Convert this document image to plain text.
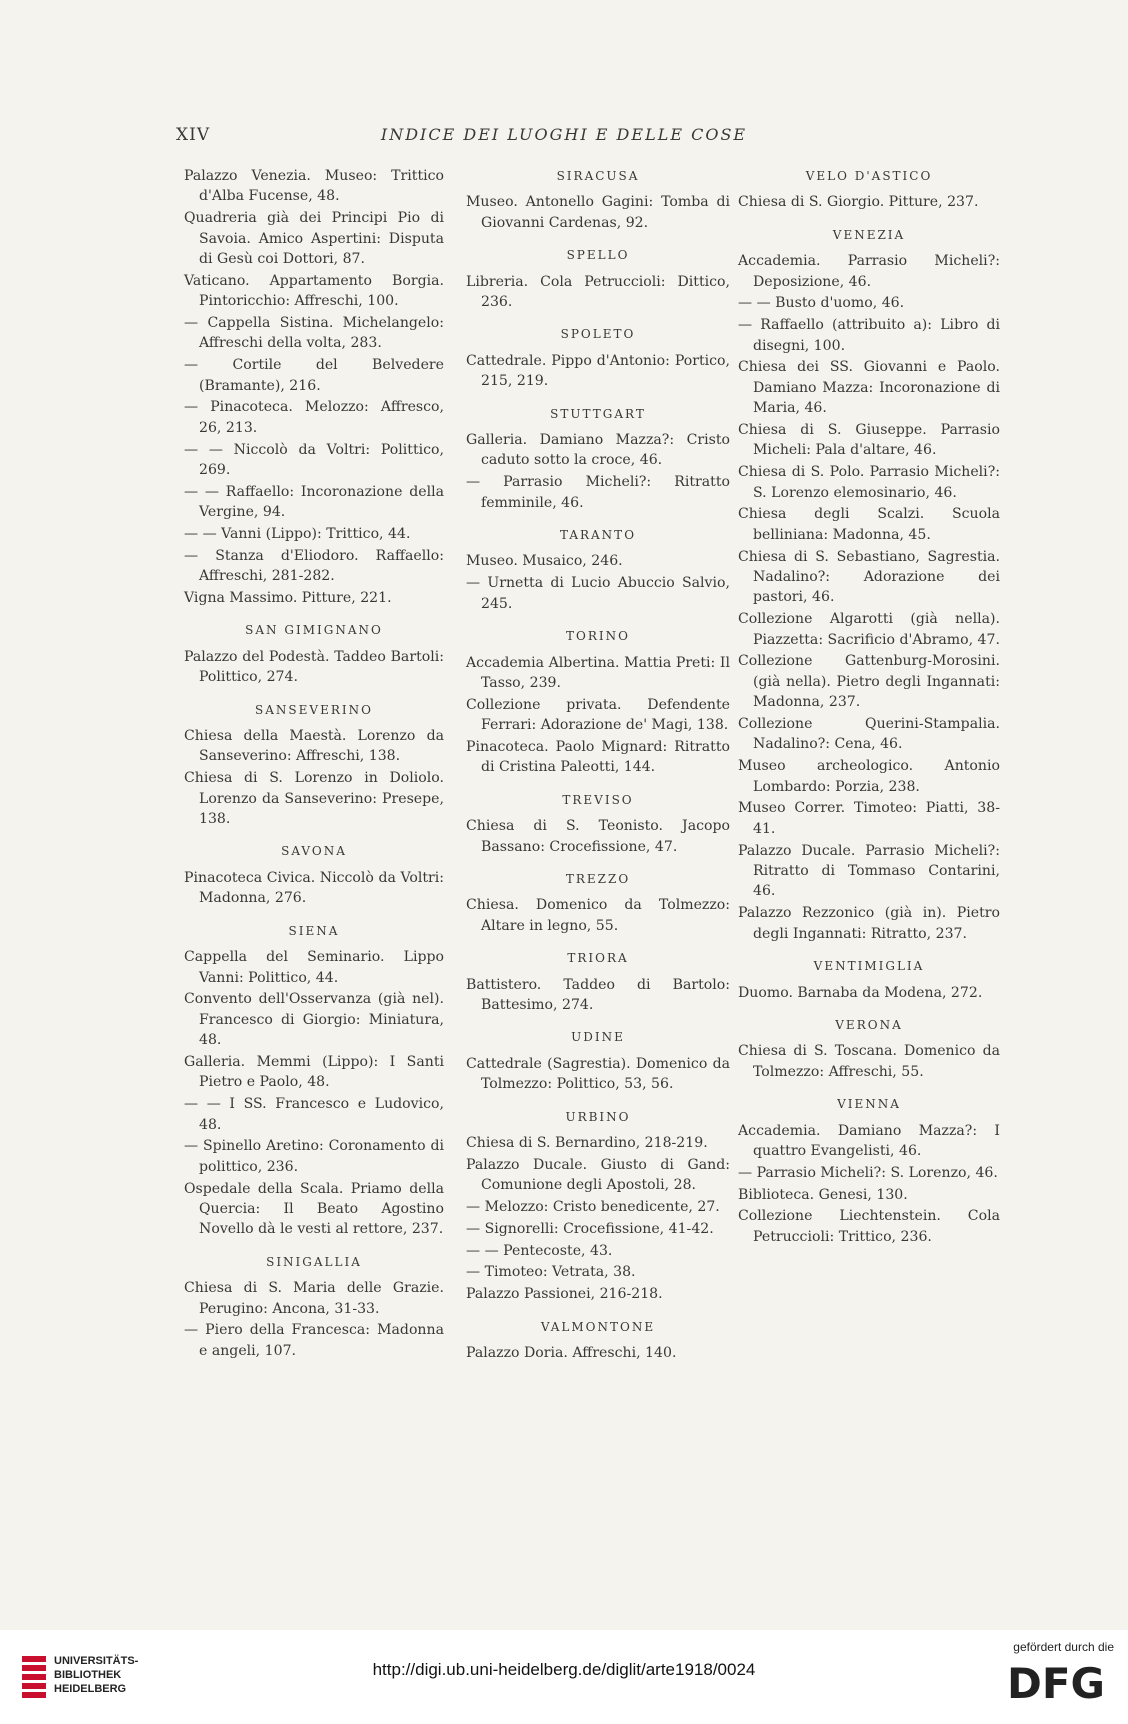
XIV	INDICE DEI LUOGHI E DELLE COSE
Palazzo Venezia. Museo: Trittico d'Alba Fucense, 48.
Quadreria già dei Principi Pio di Savoia. Amico Aspertini: Disputa di Gesù coi Dottori, 87.
Vaticano. Appartamento Borgia. Pintoricchio: Affreschi, 100.
— Cappella Sistina. Michelangelo: Affreschi della volta, 283.
— Cortile del Belvedere (Bramante), 216.
— Pinacoteca. Melozzo: Affresco, 26, 213.
— — Niccolò da Voltri: Polittico, 269.
— — Raffaello: Incoronazione della Vergine, 94.
— — Vanni (Lippo): Trittico, 44.
— Stanza d'Eliodoro. Raffaello: Affreschi, 281-282.
Vigna Massimo. Pitture, 221.
SAN GIMIGNANO
Palazzo del Podestà. Taddeo Bartoli: Polittico, 274.
SANSEVERINO
Chiesa della Maestà. Lorenzo da Sanseverino: Affreschi, 138.
Chiesa di S. Lorenzo in Doliolo. Lorenzo da Sanseverino: Presepe, 138.
SAVONA
Pinacoteca Civica. Niccolò da Voltri: Madonna, 276.
SIENA
Cappella del Seminario. Lippo Vanni: Polittico, 44.
Convento dell'Osservanza (già nel). Francesco di Giorgio: Miniatura, 48.
Galleria. Memmi (Lippo): I Santi Pietro e Paolo, 48.
— — I SS. Francesco e Ludovico, 48.
— Spinello Aretino: Coronamento di polittico, 236.
Ospedale della Scala. Priamo della Quercia: Il Beato Agostino Novello dà le vesti al rettore, 237.
SINIGALLIA
Chiesa di S. Maria delle Grazie. Perugino: Ancona, 31-33.
— Piero della Francesca: Madonna e angeli, 107.
SIRACUSA
Museo. Antonello Gagini: Tomba di Giovanni Cardenas, 92.
SPELLO
Libreria. Cola Petruccioli: Dittico, 236.
SPOLETO
Cattedrale. Pippo d'Antonio: Portico, 215, 219.
STUTTGART
Galleria. Damiano Mazza?: Cristo caduto sotto la croce, 46.
— Parrasio Micheli?: Ritratto femminile, 46.
TARANTO
Museo. Musaico, 246.
— Urnetta di Lucio Abuccio Salvio, 245.
TORINO
Accademia Albertina. Mattia Preti: Il Tasso, 239.
Collezione privata. Defendente Ferrari: Adorazione de' Magi, 138.
Pinacoteca. Paolo Mignard: Ritratto di Cristina Paleotti, 144.
TREVISO
Chiesa di S. Teonisto. Jacopo Bassano: Crocefissione, 47.
TREZZO
Chiesa. Domenico da Tolmezzo: Altare in legno, 55.
TRIORA
Battistero. Taddeo di Bartolo: Battesimo, 274.
UDINE
Cattedrale (Sagrestia). Domenico da Tolmezzo: Polittico, 53, 56.
URBINO
Chiesa di S. Bernardino, 218-219.
Palazzo Ducale. Giusto di Gand: Comunione degli Apostoli, 28.
— Melozzo: Cristo benedicente, 27.
— Signorelli: Crocefissione, 41-42.
— — Pentecoste, 43.
— Timoteo: Vetrata, 38.
Palazzo Passionei, 216-218.
VALMONTONE
Palazzo Doria. Affreschi, 140.
VELO D'ASTICO
Chiesa di S. Giorgio. Pitture, 237.
VENEZIA
Accademia. Parrasio Micheli?: Deposizione, 46.
— — Busto d'uomo, 46.
— Raffaello (attribuito a): Libro di disegni, 100.
Chiesa dei SS. Giovanni e Paolo. Damiano Mazza: Incoronazione di Maria, 46.
Chiesa di S. Giuseppe. Parrasio Micheli: Pala d'altare, 46.
Chiesa di S. Polo. Parrasio Micheli?: S. Lorenzo elemosinario, 46.
Chiesa degli Scalzi. Scuola belliniana: Madonna, 45.
Chiesa di S. Sebastiano, Sagrestia. Nadalino?: Adorazione dei pastori, 46.
Collezione Algarotti (già nella). Piazzetta: Sacrificio d'Abramo, 47.
Collezione Gattenburg-Morosini. (già nella). Pietro degli Ingannati: Madonna, 237.
Collezione Querini-Stampalia. Nadalino?: Cena, 46.
Museo archeologico. Antonio Lombardo: Porzia, 238.
Museo Correr. Timoteo: Piatti, 38-41.
Palazzo Ducale. Parrasio Micheli?: Ritratto di Tommaso Contarini, 46.
Palazzo Rezzonico (già in). Pietro degli Ingannati: Ritratto, 237.
VENTIMIGLIA
Duomo. Barnaba da Modena, 272.
VERONA
Chiesa di S. Toscana. Domenico da Tolmezzo: Affreschi, 55.
VIENNA
Accademia. Damiano Mazza?: I quattro Evangelisti, 46.
— Parrasio Micheli?: S. Lorenzo, 46.
Biblioteca. Genesi, 130.
Collezione Liechtenstein. Cola Petruccioli: Trittico, 236.
UNIVERSITÄTS-
BIBLIOTHEK
HEIDELBERG
http://digi.ub.uni-heidelberg.de/diglit/arte1918/0024
gefördert durch die
DFG
